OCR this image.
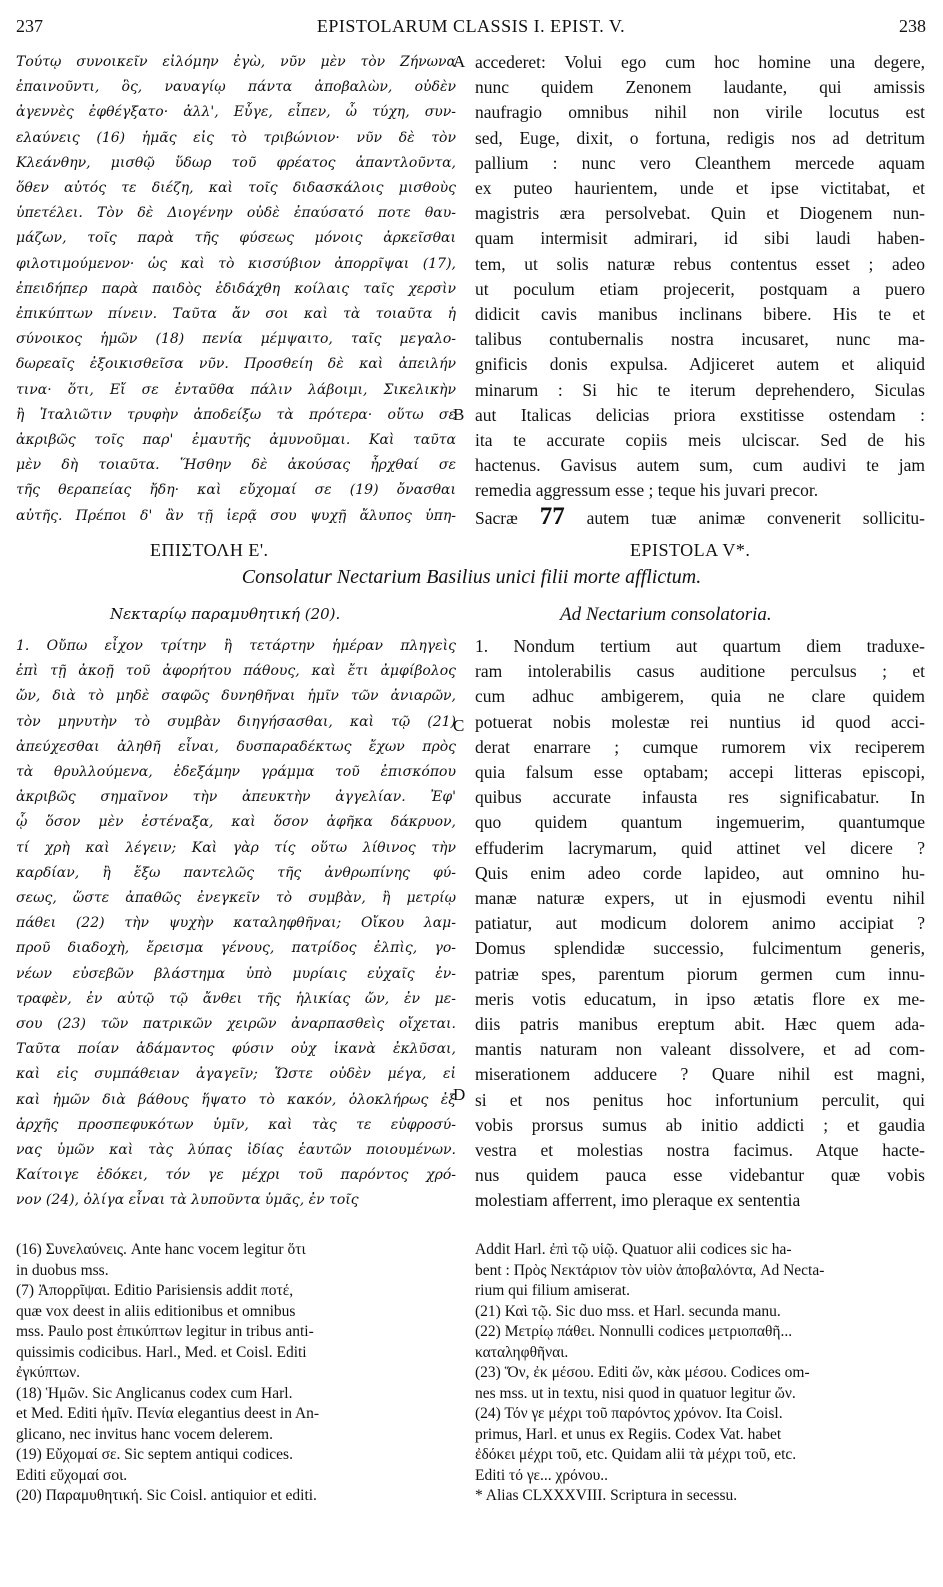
237	EPISTOLARUM CLASSIS I. EPIST. V.	238
Τούτῳ συνοικεῖν εἰλόμην ἐγὼ, νῦν μὲν τὸν Ζήνωνα
ἐπαινοῦντι, ὃς, ναυαγίῳ πάντα ἀποβαλὼν, οὐδὲν
ἀγεννὲς ἐφθέγξατο· ἀλλ', Εὖγε, εἶπεν, ὦ τύχη, συν-
ελαύνεις (16) ἡμᾶς εἰς τὸ τριβώνιον· νῦν δὲ τὸν
Κλεάνθην, μισθῷ ὕδωρ τοῦ φρέατος ἀπαντλοῦντα,
ὅθεν αὐτός τε διέζη, καὶ τοῖς διδασκάλοις μισθοὺς
ὑπετέλει. Τὸν δὲ Διογένην οὐδὲ ἐπαύσατό ποτε θαυ-
μάζων, τοῖς παρὰ τῆς φύσεως μόνοις ἀρκεῖσθαι
φιλοτιμούμενον· ὡς καὶ τὸ κισσύβιον ἀπορρῖψαι (17),
ἐπειδήπερ παρὰ παιδὸς ἐδιδάχθη κοίλαις ταῖς χερσὶν
ἐπικύπτων πίνειν. Ταῦτα ἄν σοι καὶ τὰ τοιαῦτα ἡ
σύνοικος ἡμῶν (18) πενία μέμψαιτο, ταῖς μεγαλο-
δωρεαῖς ἐξοικισθεῖσα νῦν. Προσθείη δὲ καὶ ἀπειλήν
τινα· ὅτι, Εἴ σε ἐνταῦθα πάλιν λάβοιμι, Σικελικὴν
ἢ Ἰταλιῶτιν τρυφὴν ἀποδείξω τὰ πρότερα· οὕτω σε
ἀκριβῶς τοῖς παρ' ἐμαυτῆς ἀμυνοῦμαι. Καὶ ταῦτα
μὲν δὴ τοιαῦτα. Ἥσθην δὲ ἀκούσας ἦρχθαί σε
τῆς θεραπείας ἤδη· καὶ εὔχομαί σε (19) ὄνασθαι
αὐτῆς. Πρέποι δ' ἂν τῇ ἱερᾷ σου ψυχῇ ἄλυπος ὑπη-
accederet: Volui ego cum hoc homine una degere,
nunc quidem Zenonem laudante, qui amissis
naufragio omnibus nihil non virile locutus est
sed, Euge, dixit, o fortuna, redigis nos ad detritum
pallium : nunc vero Cleanthem mercede aquam
ex puteo haurientem, unde et ipse victitabat, et
magistris æra persolvebat. Quin et Diogenem nun-
quam intermisit admirari, id sibi laudi haben-
tem, ut solis naturæ rebus contentus esset ; adeo
ut poculum etiam projecerit, postquam a puero
didicit cavis manibus inclinans bibere. His te et
talibus contubernalis nostra incusaret, nunc ma-
gnificis donis expulsa. Adjiceret autem et aliquid
minarum : Si hic te iterum deprehendero, Siculas
aut Italicas delicias priora exstitisse ostendam :
ita te accurate copiis meis ulciscar. Sed de his
hactenus. Gavisus autem sum, cum audivi te jam
remedia aggressum esse ; teque his juvari precor.
Sacræ 77 autem tuæ animæ convenerit sollicitu-
A
B
C
D
ΕΠΙΣΤΟΛΗ Ε'.	EPISTOLA V*.
Consolatur Nectarium Basilius unici filii morte afflictum.
Νεκταρίῳ παραμυθητική (20).	Ad Nectarium consolatoria.
1. Οὔπω εἶχον τρίτην ἢ τετάρτην ἡμέραν πληγεὶς
ἐπὶ τῇ ἀκοῇ τοῦ ἀφορήτου πάθους, καὶ ἔτι ἀμφίβολος
ὤν, διὰ τὸ μηδὲ σαφῶς δυνηθῆναι ἡμῖν τῶν ἀνιαρῶν,
τὸν μηνυτὴν τὸ συμβὰν διηγήσασθαι, καὶ τῷ (21)
ἀπεύχεσθαι ἀληθῆ εἶναι, δυσπαραδέκτως ἔχων πρὸς
τὰ θρυλλούμενα, ἐδεξάμην γράμμα τοῦ ἐπισκόπου
ἀκριβῶς σημαῖνον τὴν ἀπευκτὴν ἀγγελίαν. Ἐφ'
ᾧ ὅσον μὲν ἐστέναξα, καὶ ὅσον ἀφῆκα δάκρυον,
τί χρὴ καὶ λέγειν; Καὶ γὰρ τίς οὕτω λίθινος τὴν
καρδίαν, ἢ ἔξω παντελῶς τῆς ἀνθρωπίνης φύ-
σεως, ὥστε ἀπαθῶς ἐνεγκεῖν τὸ συμβὰν, ἢ μετρίῳ
πάθει (22) τὴν ψυχὴν καταληφθῆναι; Οἴκου λαμ-
προῦ διαδοχὴ, ἔρεισμα γένους, πατρίδος ἐλπὶς, γο-
νέων εὐσεβῶν βλάστημα ὑπὸ μυρίαις εὐχαῖς ἐν-
τραφὲν, ἐν αὐτῷ τῷ ἄνθει τῆς ἡλικίας ὤν, ἐν με-
σου (23) τῶν πατρικῶν χειρῶν ἀναρπασθεὶς οἴχεται.
Ταῦτα ποίαν ἀδάμαντος φύσιν οὐχ ἱκανὰ ἐκλῦσαι,
καὶ εἰς συμπάθειαν ἀγαγεῖν; Ὥστε οὐδὲν μέγα, εἰ
καὶ ἡμῶν διὰ βάθους ἥψατο τὸ κακόν, ὁλοκλήρως ἐξ
ἀρχῆς προσπεφυκότων ὑμῖν, καὶ τὰς τε εὐφροσύ-
νας ὑμῶν καὶ τὰς λύπας ἰδίας ἑαυτῶν ποιουμένων.
Καίτοιγε ἐδόκει, τόν γε μέχρι τοῦ παρόντος χρό-
νον (24), ὀλίγα εἶναι τὰ λυποῦντα ὑμᾶς, ἐν τοῖς
1. Nondum tertium aut quartum diem traduxe-
ram intolerabilis casus auditione perculsus ; et
cum adhuc ambigerem, quia ne clare quidem
potuerat nobis molestæ rei nuntius id quod acci-
derat enarrare ; cumque rumorem vix reciperem
quia falsum esse optabam; accepi litteras episcopi,
quibus accurate infausta res significabatur. In
quo quidem quantum ingemuerim, quantumque
effuderim lacrymarum, quid attinet vel dicere ?
Quis enim adeo corde lapideo, aut omnino hu-
manæ naturæ expers, ut in ejusmodi eventu nihil
patiatur, aut modicum dolorem animo accipiat ?
Domus splendidæ successio, fulcimentum generis,
patriæ spes, parentum piorum germen cum innu-
meris votis educatum, in ipso ætatis flore ex me-
diis patris manibus ereptum abit. Hæc quem ada-
mantis naturam non valeant dissolvere, et ad com-
miserationem adducere ? Quare nihil est magni,
si et nos penitus hoc infortunium perculit, qui
vobis prorsus sumus ab initio addicti ; et gaudia
vestra et molestias nostra facimus. Atque hacte-
nus quidem pauca esse videbantur quæ vobis
molestiam afferrent, imo pleraque ex sententia
(16) Συνελαύνεις. Ante hanc vocem legitur ὅτι
in duobus mss.
(7) Ἀπορρῖψαι. Editio Parisiensis addit ποτέ,
quæ vox deest in aliis editionibus et omnibus
mss. Paulo post ἐπικύπτων legitur in tribus anti-
quissimis codicibus. Harl., Med. et Coisl. Editi
ἐγκύπτων.
(18) Ἡμῶν. Sic Anglicanus codex cum Harl.
et Med. Editi ἡμῖν. Πενία elegantius deest in An-
glicano, nec invitus hanc vocem delerem.
(19) Εὔχομαί σε. Sic septem antiqui codices.
Editi εὔχομαί σοι.
(20) Παραμυθητική. Sic Coisl. antiquior et editi.
Addit Harl. ἐπὶ τῷ υἱῷ. Quatuor alii codices sic ha-
bent : Πρὸς Νεκτάριον τὸν υἱὸν ἀποβαλόντα, Ad Necta-
rium qui filium amiserat.
(21) Καὶ τῷ. Sic duo mss. et Harl. secunda manu.
(22) Μετρίῳ πάθει. Nonnulli codices μετριοπαθῆ...
καταληφθῆναι.
(23) Ὅν, ἐκ μέσου. Editi ὤν, κὰκ μέσου. Codices om-
nes mss. ut in textu, nisi quod in quatuor legitur ὤν.
(24) Τόν γε μέχρι τοῦ παρόντος χρόνον. Ita Coisl.
primus, Harl. et unus ex Regiis. Codex Vat. habet
ἐδόκει μέχρι τοῦ, etc. Quidam alii τὰ μέχρι τοῦ, etc.
Editi τό γε... χρόνου..
* Alias CLXXXVIII. Scriptura in secessu.
